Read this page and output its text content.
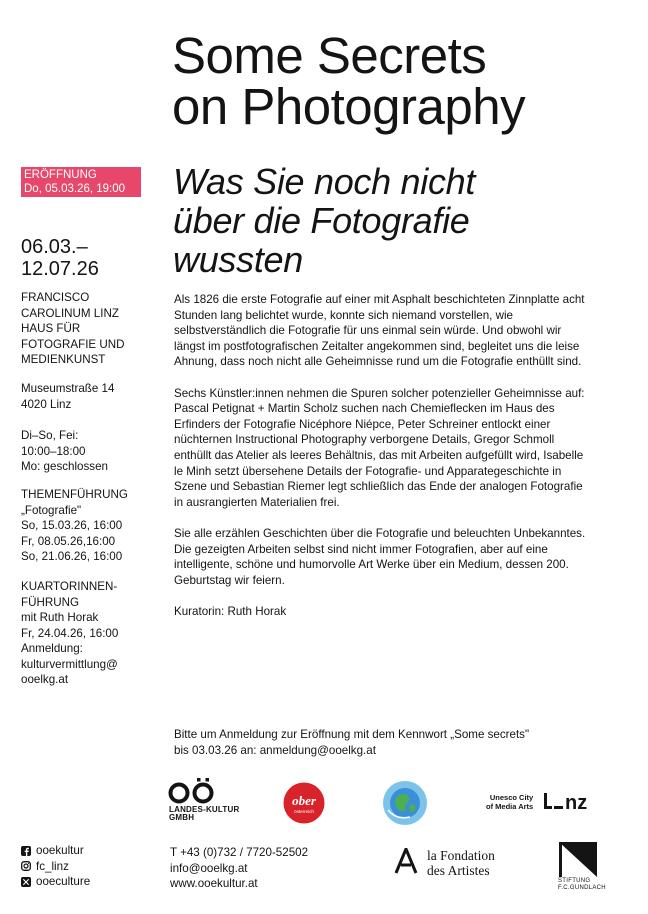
Some Secrets
on Photography
Was Sie noch nicht
über die Fotografie
wussten
ERÖFFNUNG
Do, 05.03.26, 19:00
06.03.–
12.07.26
FRANCISCO
CAROLINUM LINZ
HAUS FÜR
FOTOGRAFIE UND
MEDIENKUNST
Museumstraße 14
4020 Linz
Di–So, Fei:
10:00–18:00
Mo: geschlossen
THEMENFÜHRUNG
„Fotografie"
So, 15.03.26, 16:00
Fr, 08.05.26,16:00
So, 21.06.26, 16:00
KUARTORINNEN-
FÜHRUNG
mit Ruth Horak
Fr, 24.04.26, 16:00
Anmeldung:
kulturvermittlung@
ooelkg.at

Als 1826 die erste Fotografie auf einer mit Asphalt beschichteten Zinnplatte acht Stunden lang belichtet wurde, konnte sich niemand vorstellen, wie selbstverständlich die Fotografie für uns einmal sein würde. Und obwohl wir längst im postfotografischen Zeitalter angekommen sind, begleitet uns die leise Ahnung, dass noch nicht alle Geheimnisse rund um die Fotografie enthüllt sind.

Sechs Künstler:innen nehmen die Spuren solcher potenzieller Geheimnisse auf: Pascal Petignat + Martin Scholz suchen nach Chemieflecken im Haus des Erfinders der Fotografie Nicéphore Niépce, Peter Schreiner entlockt einer nüchternen Instructional Photography verborgene Details, Gregor Schmoll enthüllt das Atelier als leeres Behältnis, das mit Arbeiten aufgefüllt wird, Isabelle le Minh setzt übersehene Details der Fotografie- und Apparategeschichte in Szene und Sebastian Riemer legt schließlich das Ende der analogen Fotografie in ausrangierten Materialien frei.

Sie alle erzählen Geschichten über die Fotografie und beleuchten Unbekanntes. Die gezeigten Arbeiten selbst sind nicht immer Fotografien, aber auf eine intelligente, schöne und humorvolle Art Werke über ein Medium, dessen 200. Geburtstag wir feiern.

Kuratorin: Ruth Horak

Bitte um Anmeldung zur Eröffnung mit dem Kennwort „Some secrets"
bis 03.03.26 an: anmeldung@ooelkg.at
LANDES-KULTUR
GMBH
ober
österreich
Unesco City
of Media Arts nz
ooekultur
fc_linz
ooeculture
T +43 (0)732 / 7720-52502
info@ooelkg.at
www.ooekultur.at
la Fondation
des Artistes
STIFTUNG
F.C.GUNDLACH
